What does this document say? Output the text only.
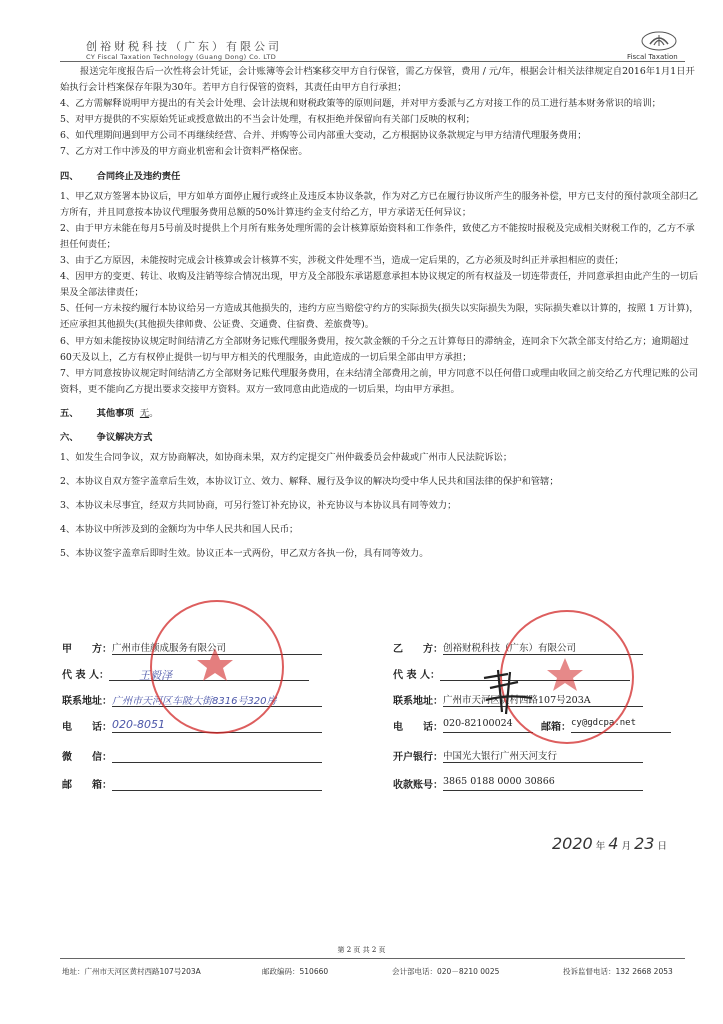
创裕财税科技（广东）有限公司
CY Fiscal Taxation Technology (Guang Dong) Co. LTD	Fiscal Taxation

报送完年度报告后一次性将会计凭证，会计账簿等会计档案移交甲方自行保管，需乙方保管，费用 / 元/年，根据会计相关法律规定自2016年1月1日开始执行会计档案保存年限为30年。若甲方自行保管的资料，其责任由甲方自行承担；

4、乙方需解释说明甲方提出的有关会计处理、会计法规和财税政策等的原则问题，并对甲方委派与乙方对接工作的员工进行基本财务常识的培训；

5、对甲方提供的不实原始凭证或授意做出的不当会计处理，有权拒绝并保留向有关部门反映的权利；

6、如代理期间遇到甲方公司不再继续经营、合并、并购等公司内部重大变动，乙方根据协议条款规定与甲方结清代理服务费用；

7、乙方对工作中涉及的甲方商业机密和会计资料严格保密。

四、 合同终止及违约责任

1、甲乙双方签署本协议后，甲方如单方面停止履行或终止及违反本协议条款，作为对乙方已在履行协议所产生的服务补偿，甲方已支付的预付款项全部归乙方所有，并且同意按本协议代理服务费用总额的50%计算违约金支付给乙方，甲方承诺无任何异议；

2、由于甲方未能在每月5号前及时提供上个月所有账务处理所需的会计核算原始资料和工作条件，致使乙方不能按时报税及完成相关财税工作的，乙方不承担任何责任；

3、由于乙方原因，未能按时完成会计核算或会计核算不实，涉税文件处理不当，造成一定后果的，乙方必须及时纠正并承担相应的责任；

4、因甲方的变更、转让、收购及注销等综合情况出现，甲方及全部股东承诺愿意承担本协议规定的所有权益及一切连带责任，并同意承担由此产生的一切后果及全部法律责任；

5、任何一方未按约履行本协议给另一方造成其他损失的，违约方应当赔偿守约方的实际损失(损失以实际损失为限，实际损失难以计算的，按照 1 万计算)，还应承担其他损失(其他损失律师费、公证费、交通费、住宿费、差旅费等)。

6、甲方如未能按协议规定时间结清乙方全部财务记账代理服务费用，按欠款金额的千分之五计算每日的滞纳金，连同余下欠款全部支付给乙方；逾期超过60天及以上，乙方有权停止提供一切与甲方相关的代理服务，由此造成的一切后果全部由甲方承担；

7、甲方同意按协议规定时间结清乙方全部财务记账代理服务费用，在未结清全部费用之前，甲方同意不以任何借口或理由收回之前交给乙方代理记账的公司资料，更不能向乙方提出要求交接甲方资料。双方一致同意由此造成的一切后果，均由甲方承担。

五、 其他事项 无。
六、 争议解决方式

1、如发生合同争议，双方协商解决，如协商未果，双方约定提交广州仲裁委员会仲裁或广州市人民法院诉讼；

2、本协议自双方签字盖章后生效，本协议订立、效力、解释、履行及争议的解决均受中华人民共和国法律的保护和管辖；

3、本协议未尽事宜，经双方共同协商，可另行签订补充协议，补充协议与本协议具有同等效力；

4、本协议中所涉及到的金额均为中华人民共和国人民币；

5、本协议签字盖章后即时生效。协议正本一式两份，甲乙双方各执一份，具有同等效力。

甲	方： 广州市佳颜成服务有限公司
代 表 人：	王毅泽
联系地址： 广州市天河区车陂大街8316号320房
电	话： 020-8051
微	信：
邮	箱：
乙	方： 创裕财税科技（广东）有限公司
代 表 人：
联系地址： 广州市天河区黄村西路107号203A
电	话： 020-82100024	邮箱： cy@gdcpa.net
开户银行： 中国光大银行广州天河支行
收款账号： 3865 0188 0000 30866
2020 年 4 月 23 日
第 2 页 共 2 页
地址：广州市天河区黄村西路107号203A	邮政编码：510660	会计部电话：020－8210 0025	投诉监督电话：132 2668 2053
